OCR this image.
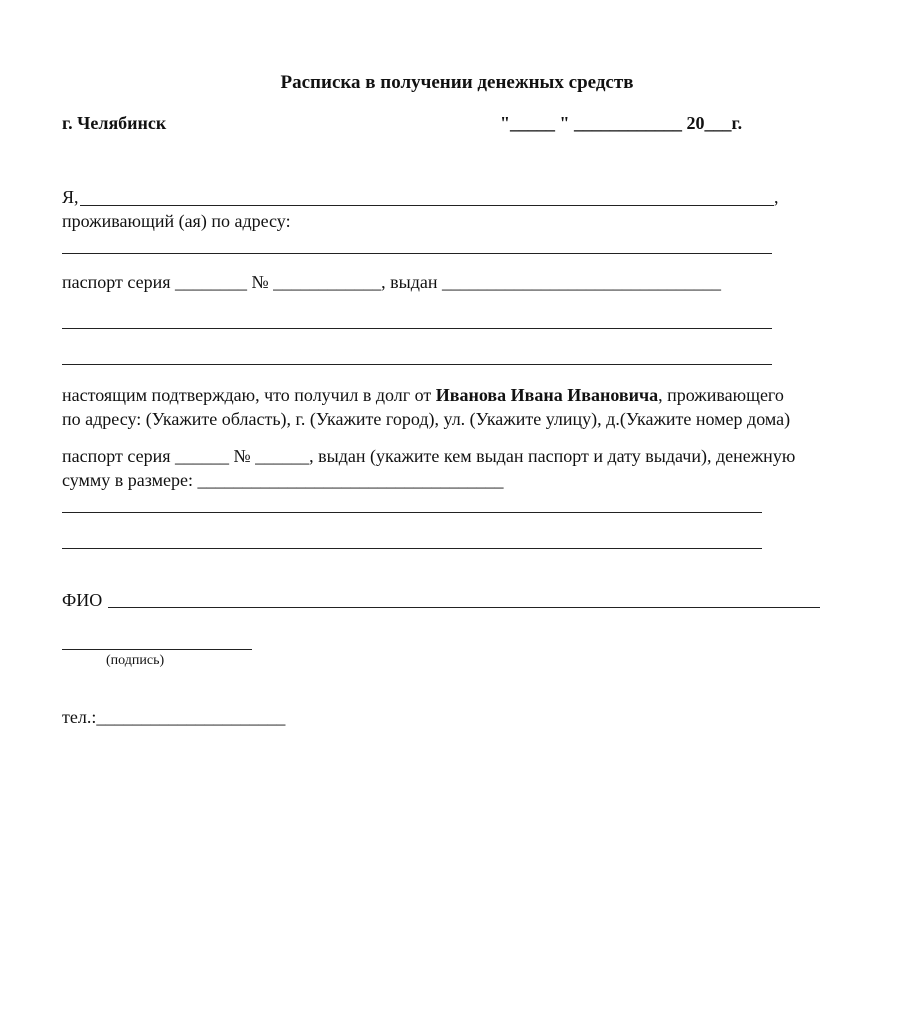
Расписка в получении денежных средств
г. Челябинск	"_____ " ____________ 20___г.
Я,	,
проживающий (ая) по адресу:
паспорт серия ________ № ____________, выдан _______________________________
настоящим подтверждаю, что получил в долг от Иванова Ивана Ивановича, проживающего
по адресу: (Укажите область), г. (Укажите город), ул. (Укажите улицу), д.(Укажите номер дома)
паспорт серия ______ № ______, выдан (укажите кем выдан паспорт и дату выдачи), денежную
сумму в размере: __________________________________
ФИО
(подпись)
тел.:_____________________
